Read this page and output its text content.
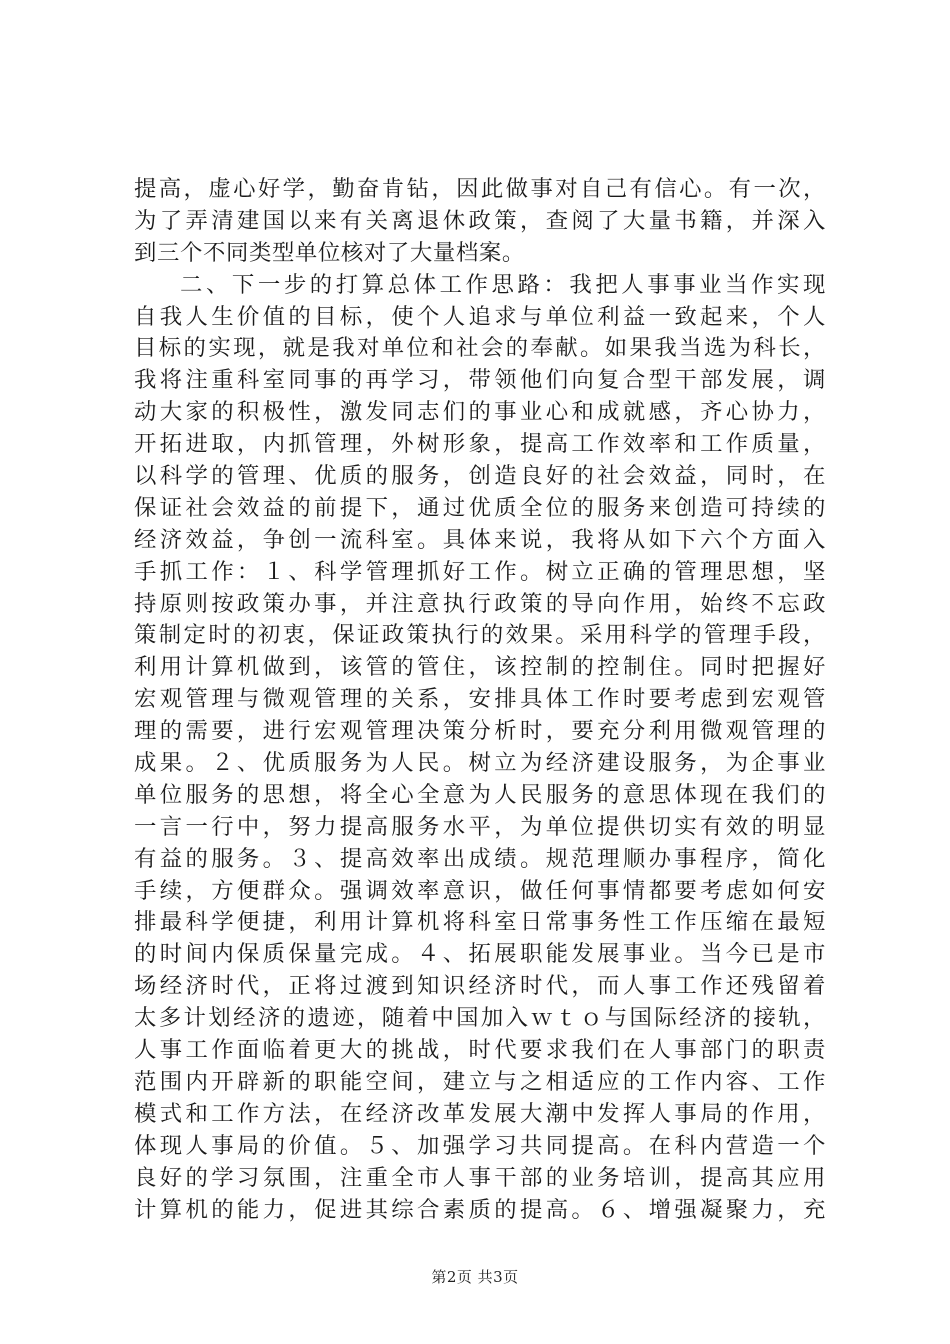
提高，虚心好学，勤奋肯钻，因此做事对自己有信心。有一次，
为了弄清建国以来有关离退休政策，查阅了大量书籍，并深入
到三个不同类型单位核对了大量档案。
二、下一步的打算总体工作思路：我把人事事业当作实现
自我人生价值的目标，使个人追求与单位利益一致起来，个人
目标的实现，就是我对单位和社会的奉献。如果我当选为科长，
我将注重科室同事的再学习，带领他们向复合型干部发展，调
动大家的积极性，激发同志们的事业心和成就感，齐心协力，
开拓进取，内抓管理，外树形象，提高工作效率和工作质量，
以科学的管理、优质的服务，创造良好的社会效益，同时，在
保证社会效益的前提下，通过优质全位的服务来创造可持续的
经济效益，争创一流科室。具体来说，我将从如下六个方面入
手抓工作：１、科学管理抓好工作。树立正确的管理思想，坚
持原则按政策办事，并注意执行政策的导向作用，始终不忘政
策制定时的初衷，保证政策执行的效果。采用科学的管理手段，
利用计算机做到，该管的管住，该控制的控制住。同时把握好
宏观管理与微观管理的关系，安排具体工作时要考虑到宏观管
理的需要，进行宏观管理决策分析时，要充分利用微观管理的
成果。２、优质服务为人民。树立为经济建设服务，为企事业
单位服务的思想，将全心全意为人民服务的意思体现在我们的
一言一行中，努力提高服务水平，为单位提供切实有效的明显
有益的服务。３、提高效率出成绩。规范理顺办事程序，简化
手续，方便群众。强调效率意识，做任何事情都要考虑如何安
排最科学便捷，利用计算机将科室日常事务性工作压缩在最短
的时间内保质保量完成。４、拓展职能发展事业。当今已是市
场经济时代，正将过渡到知识经济时代，而人事工作还残留着
太多计划经济的遗迹，随着中国加入ｗｔｏ与国际经济的接轨，
人事工作面临着更大的挑战，时代要求我们在人事部门的职责
范围内开辟新的职能空间，建立与之相适应的工作内容、工作
模式和工作方法，在经济改革发展大潮中发挥人事局的作用，
体现人事局的价值。５、加强学习共同提高。在科内营造一个
良好的学习氛围，注重全市人事干部的业务培训，提高其应用
计算机的能力，促进其综合素质的提高。６、增强凝聚力，充
第2页 共3页
